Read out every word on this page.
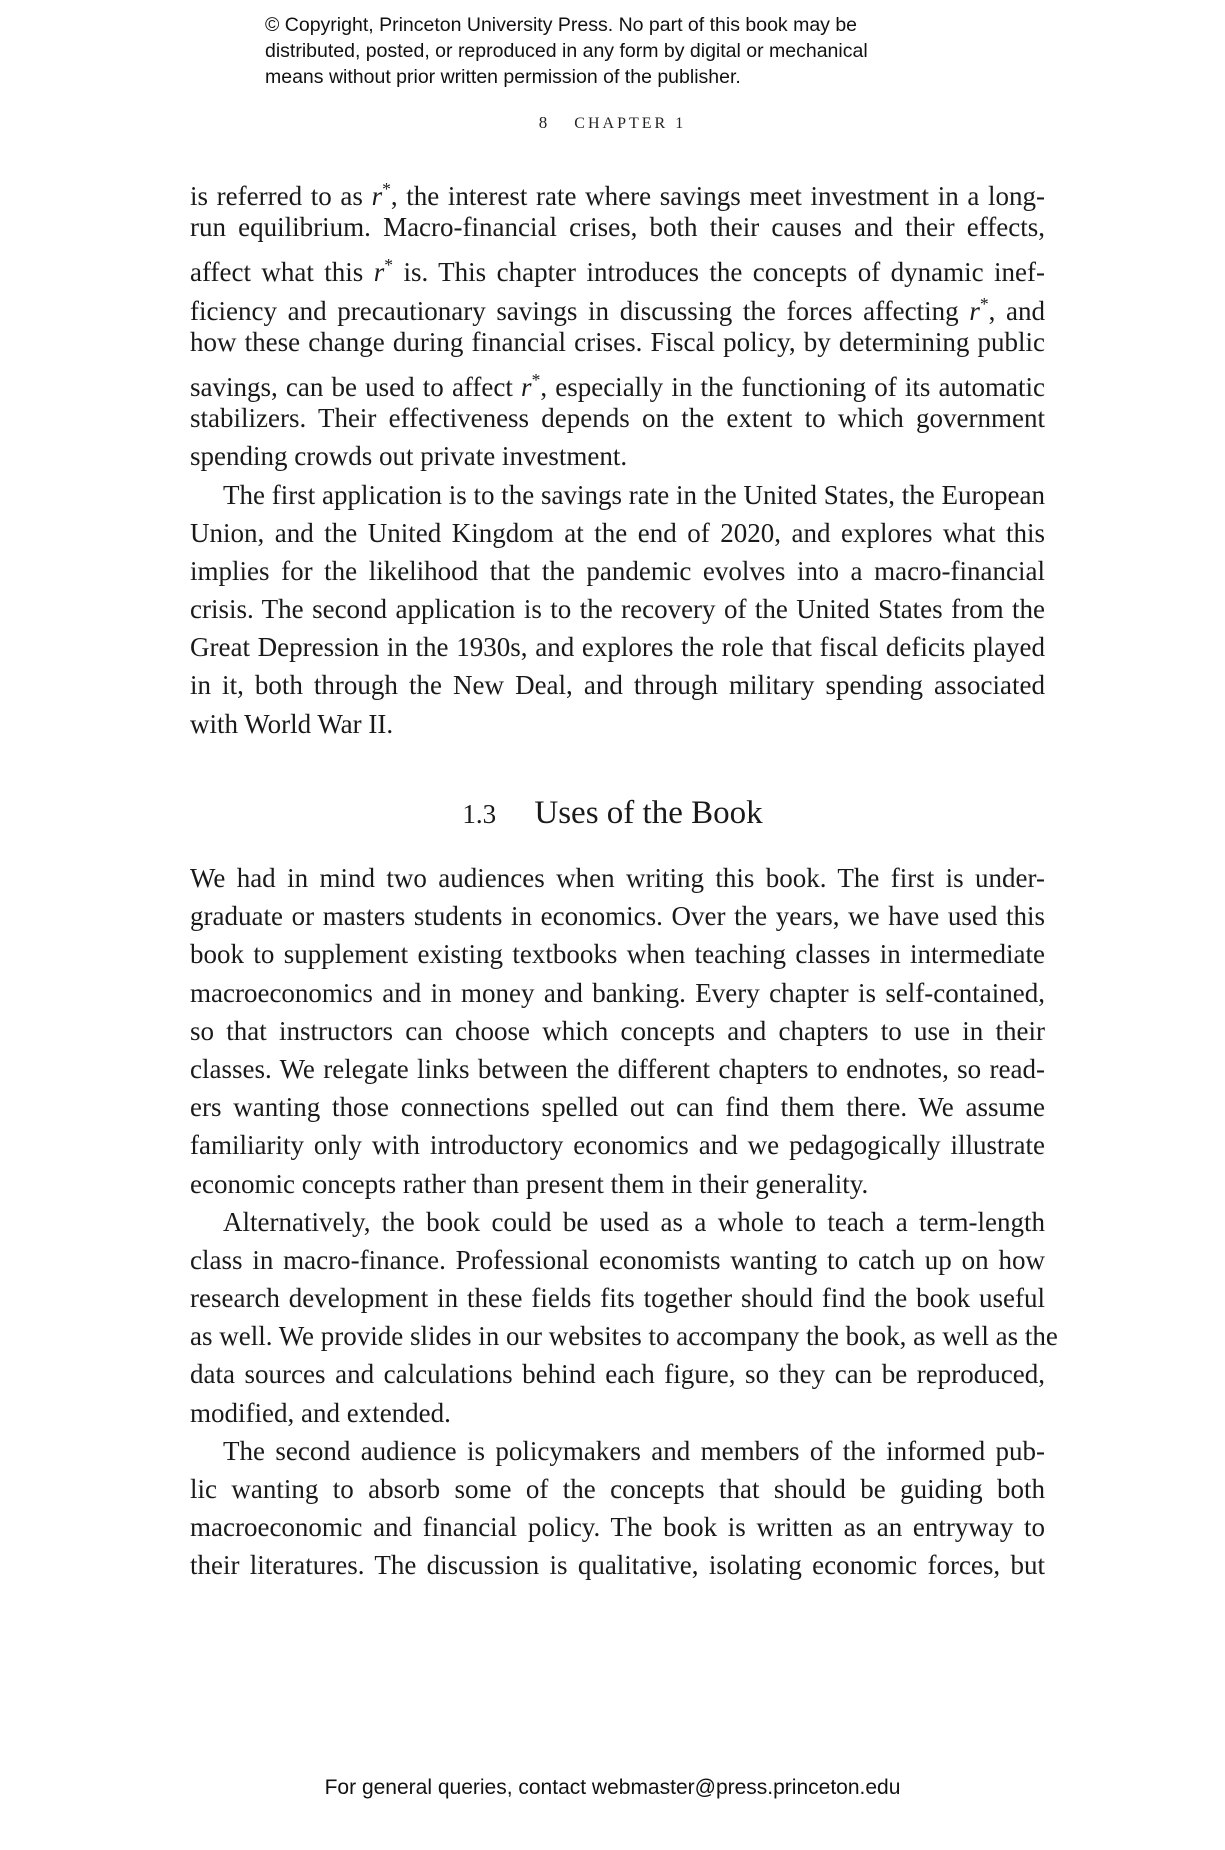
© Copyright, Princeton University Press. No part of this book may be
distributed, posted, or reproduced in any form by digital or mechanical
means without prior written permission of the publisher.
8 CHAPTER 1
is referred to as r*, the interest rate where savings meet investment in a long-
run equilibrium. Macro-financial crises, both their causes and their effects,
affect what this r* is. This chapter introduces the concepts of dynamic inef-
ficiency and precautionary savings in discussing the forces affecting r*, and
how these change during financial crises. Fiscal policy, by determining public
savings, can be used to affect r*, especially in the functioning of its automatic
stabilizers. Their effectiveness depends on the extent to which government
spending crowds out private investment.
The first application is to the savings rate in the United States, the European
Union, and the United Kingdom at the end of 2020, and explores what this
implies for the likelihood that the pandemic evolves into a macro-financial
crisis. The second application is to the recovery of the United States from the
Great Depression in the 1930s, and explores the role that fiscal deficits played
in it, both through the New Deal, and through military spending associated
with World War II.
1.3 Uses of the Book
We had in mind two audiences when writing this book. The first is under-
graduate or masters students in economics. Over the years, we have used this
book to supplement existing textbooks when teaching classes in intermediate
macroeconomics and in money and banking. Every chapter is self-contained,
so that instructors can choose which concepts and chapters to use in their
classes. We relegate links between the different chapters to endnotes, so read-
ers wanting those connections spelled out can find them there. We assume
familiarity only with introductory economics and we pedagogically illustrate
economic concepts rather than present them in their generality.
Alternatively, the book could be used as a whole to teach a term-length
class in macro-finance. Professional economists wanting to catch up on how
research development in these fields fits together should find the book useful
as well. We provide slides in our websites to accompany the book, as well as the
data sources and calculations behind each figure, so they can be reproduced,
modified, and extended.
The second audience is policymakers and members of the informed pub-
lic wanting to absorb some of the concepts that should be guiding both
macroeconomic and financial policy. The book is written as an entryway to
their literatures. The discussion is qualitative, isolating economic forces, but
For general queries, contact webmaster@press.princeton.edu
